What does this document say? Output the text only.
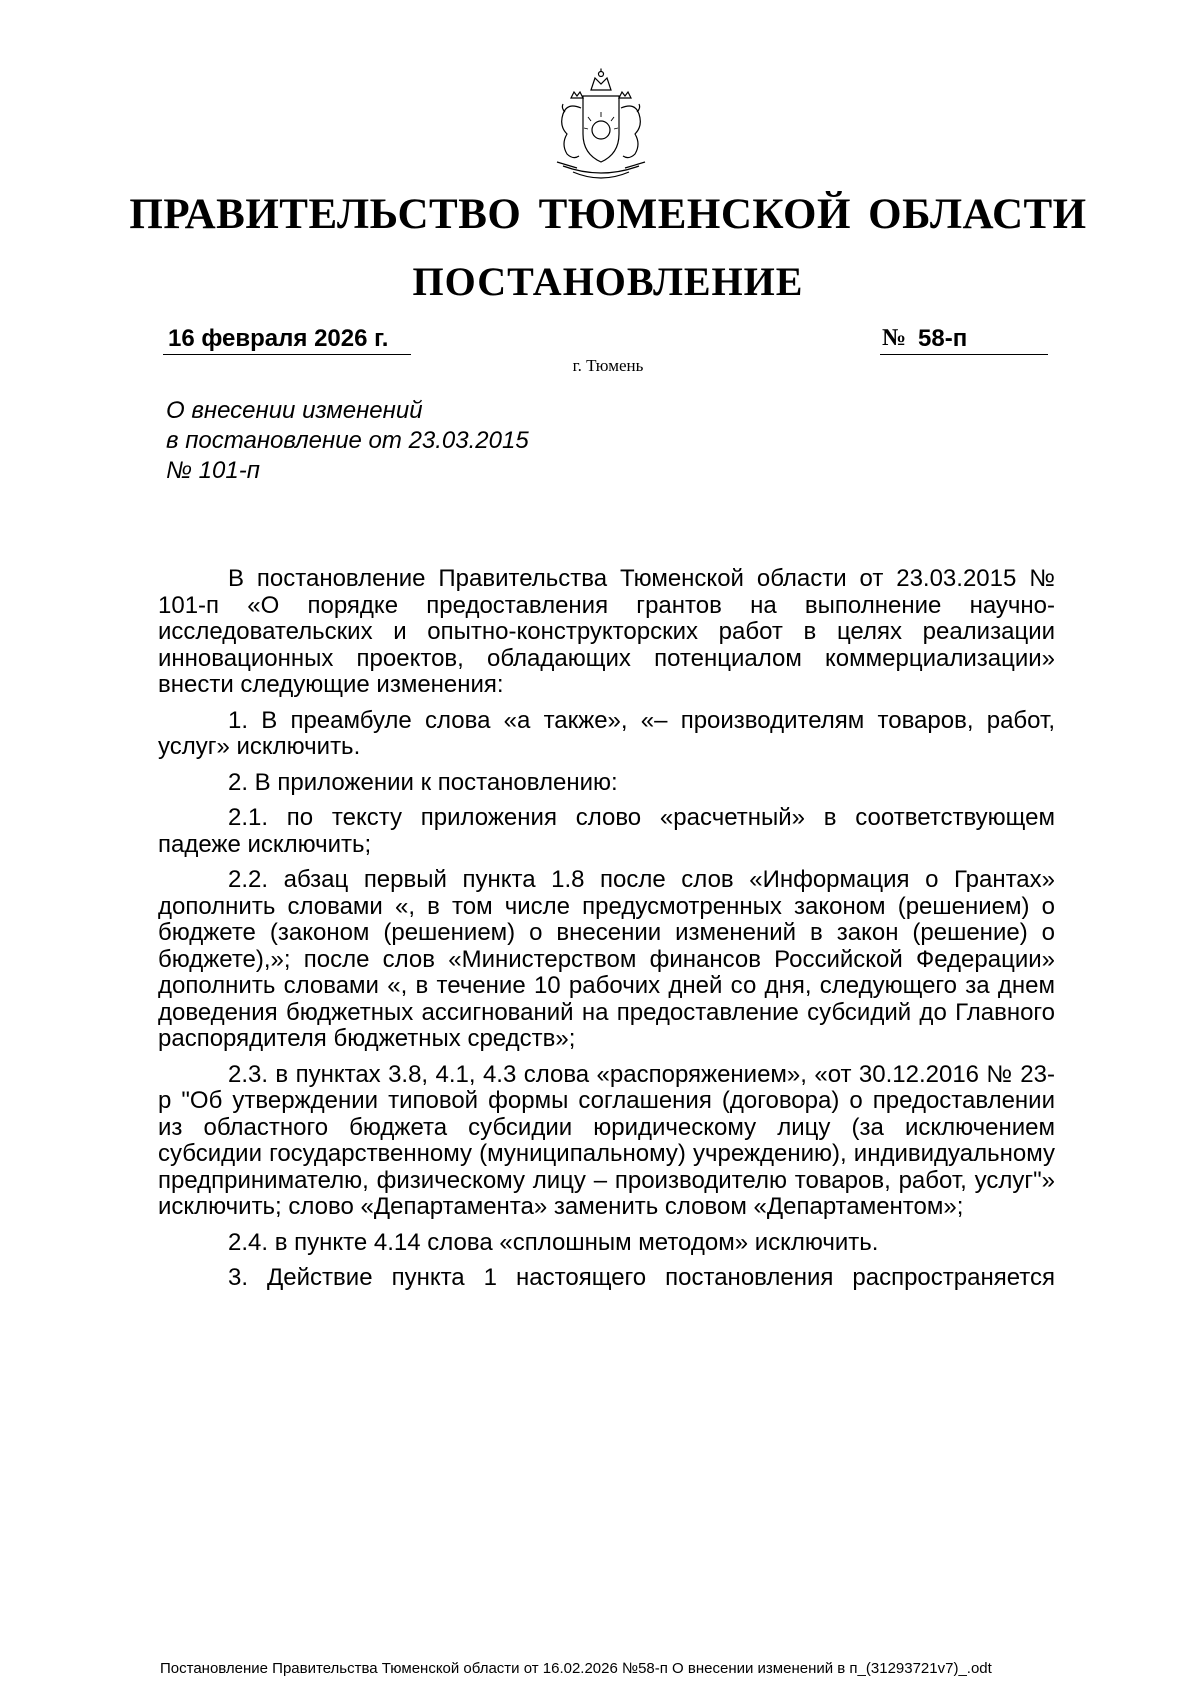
ПРАВИТЕЛЬСТВО ТЮМЕНСКОЙ ОБЛАСТИ
ПОСТАНОВЛЕНИЕ
16 февраля 2026 г.	№ 58-п
г. Тюмень
О внесении изменений
в постановление от 23.03.2015
№ 101-п

В постановление Правительства Тюменской области от 23.03.2015 № 101-п «О порядке предоставления грантов на выполнение научно-исследовательских и опытно-конструкторских работ в целях реализации инновационных проектов, обладающих потенциалом коммерциализации» внести следующие изменения:

1. В преамбуле слова «а также», «– производителям товаров, работ, услуг» исключить.

2. В приложении к постановлению:

2.1. по тексту приложения слово «расчетный» в соответствующем падеже исключить;

2.2. абзац первый пункта 1.8 после слов «Информация о Грантах» дополнить словами «, в том числе предусмотренных законом (решением) о бюджете (законом (решением) о внесении изменений в закон (решение) о бюджете),»; после слов «Министерством финансов Российской Федерации» дополнить словами «, в течение 10 рабочих дней со дня, следующего за днем доведения бюджетных ассигнований на предоставление субсидий до Главного распорядителя бюджетных средств»;

2.3. в пунктах 3.8, 4.1, 4.3 слова «распоряжением», «от 30.12.2016 № 23-р "Об утверждении типовой формы соглашения (договора) о предоставлении из областного бюджета субсидии юридическому лицу (за исключением субсидии государственному (муниципальному) учреждению), индивидуальному предпринимателю, физическому лицу – производителю товаров, работ, услуг"» исключить; слово «Департамента» заменить словом «Департаментом»;

2.4. в пункте 4.14 слова «сплошным методом» исключить.

3. Действие пункта 1 настоящего постановления распространяется

Постановление Правительства Тюменской области от 16.02.2026 №58-п О внесении изменений в п_(31293721v7)_.odt
